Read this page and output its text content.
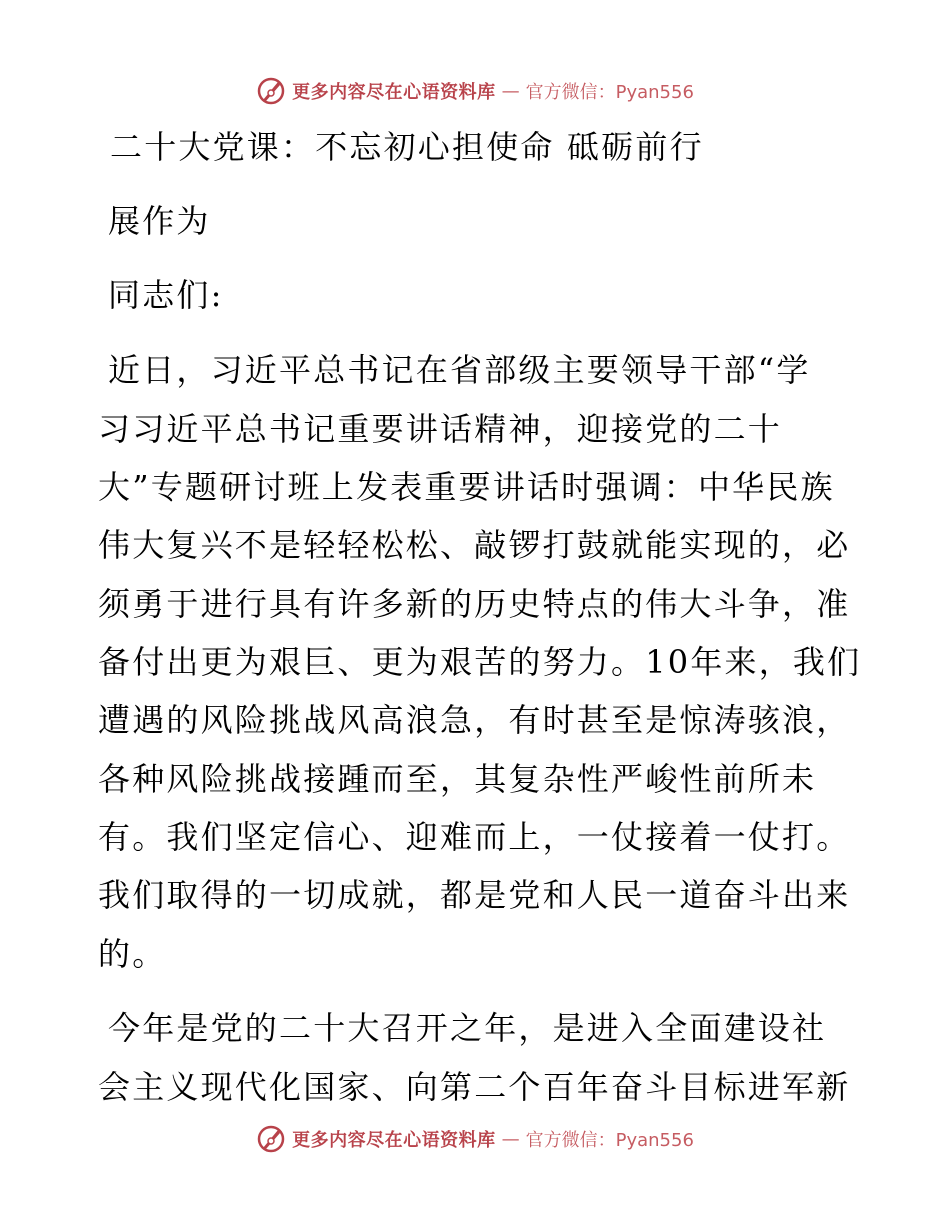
更多内容尽在心语资料库 — 官方微信：Pyan556
二十大党课：不忘初心担使命 砥砺前行
展作为
同志们:
近日，习近平总书记在省部级主要领导干部“学
习习近平总书记重要讲话精神，迎接党的二十
大”专题研讨班上发表重要讲话时强调：中华民族
伟大复兴不是轻轻松松、敲锣打鼓就能实现的，必
须勇于进行具有许多新的历史特点的伟大斗争，准
备付出更为艰巨、更为艰苦的努力。10年来，我们
遭遇的风险挑战风高浪急，有时甚至是惊涛骇浪，
各种风险挑战接踵而至，其复杂性严峻性前所未
有。我们坚定信心、迎难而上，一仗接着一仗打。
我们取得的一切成就，都是党和人民一道奋斗出来
的。
今年是党的二十大召开之年，是进入全面建设社
会主义现代化国家、向第二个百年奋斗目标进军新
更多内容尽在心语资料库 — 官方微信：Pyan556
